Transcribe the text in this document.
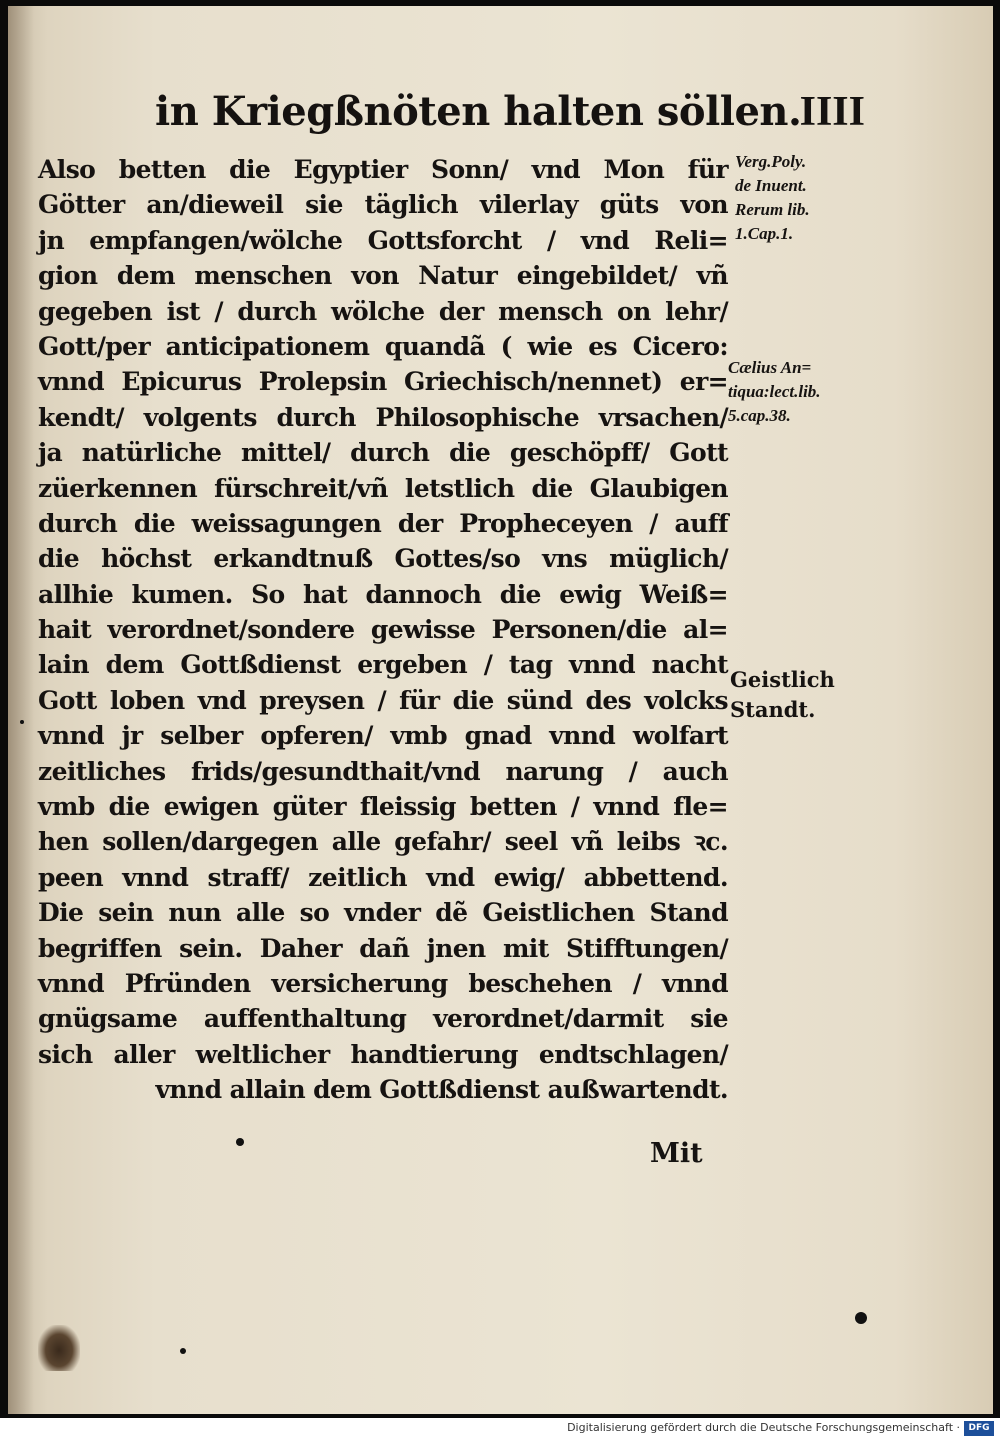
in Kriegßnöten halten söllen.
IIII
Also betten die Egyptier Sonn/ vnd Mon für
Götter an/dieweil sie täglich vilerlay güts von
jn empfangen/wölche Gottsforcht / vnd Reli=
gion dem menschen von Natur eingebildet/ vñ
gegeben ist / durch wölche der mensch on lehr/
Gott/per anticipationem quandã ( wie es Cicero:
vnnd Epicurus Prolepsin Griechisch/nennet) er=
kendt/ volgents durch Philosophische vrsachen/
ja natürliche mittel/ durch die geschöpff/ Gott
züerkennen fürschreit/vñ letstlich die Glaubigen
durch die weissagungen der Propheceyen / auff
die höchst erkandtnuß Gottes/so vns müglich/
allhie kumen. So hat dannoch die ewig Weiß=
hait verordnet/sondere gewisse Personen/die al=
lain dem Gottßdienst ergeben / tag vnnd nacht
Gott loben vnd preysen / für die sünd des volcks
vnnd jr selber opferen/ vmb gnad vnnd wolfart
zeitliches frids/gesundthait/vnd narung / auch
vmb die ewigen güter fleissig betten / vnnd fle=
hen sollen/dargegen alle gefahr/ seel vñ leibs ꝛc.
peen vnnd straff/ zeitlich vnd ewig/ abbettend.
Die sein nun alle so vnder dẽ Geistlichen Stand
begriffen sein. Daher dañ jnen mit Stifftungen/
vnnd Pfründen versicherung beschehen / vnnd
gnügsame auffenthaltung verordnet/darmit sie
sich aller weltlicher handtierung endtschlagen/
vnnd allain dem Gottßdienst außwartendt.
Mit
Verg.Poly.
de Inuent.
Rerum lib.
1.Cap.1.
Cælius An=
tiqua:lect.lib.
5.cap.38.
Geistlich
Standt.
Digitalisierung gefördert durch die Deutsche Forschungsgemeinschaft · DFG
